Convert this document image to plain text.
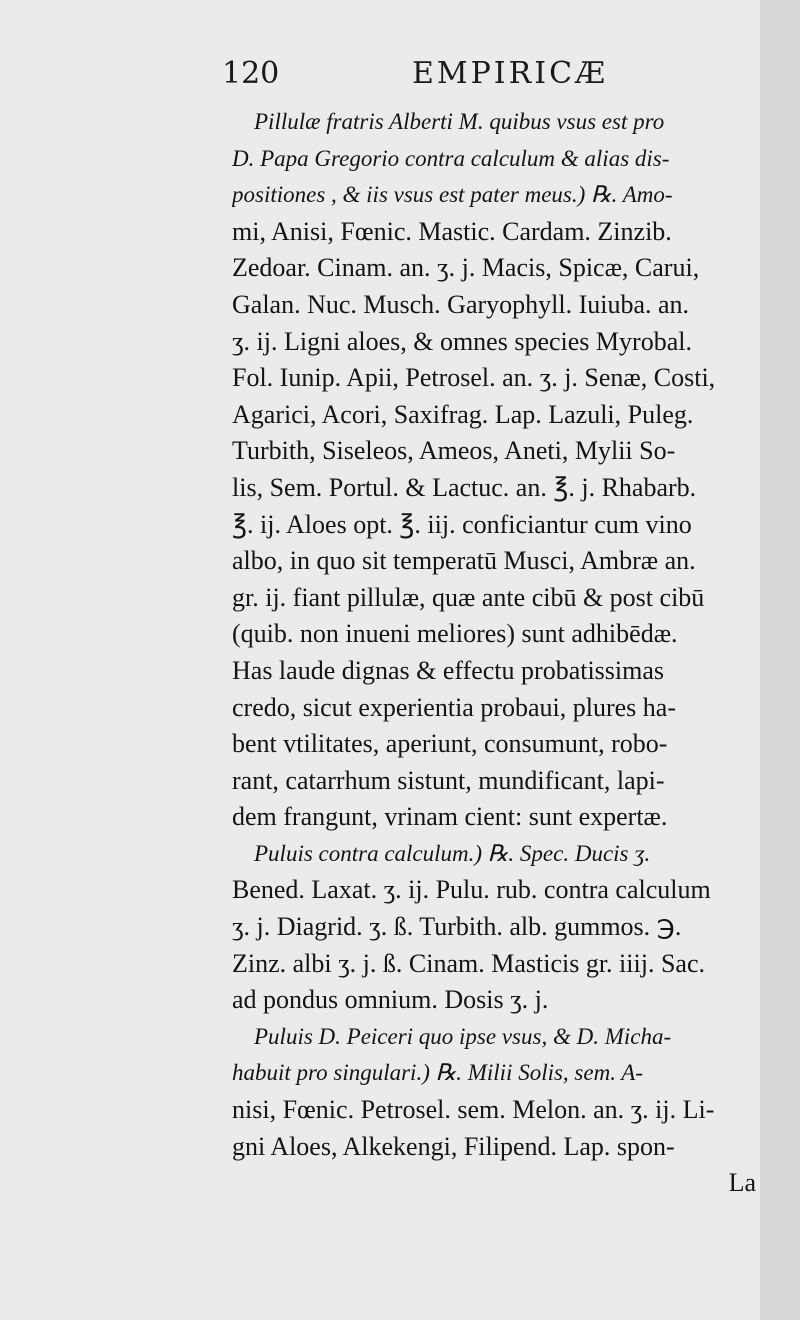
120	EMPIRICÆ
Pillulæ fratris Alberti M. quibus vsus est pro
D. Papa Gregorio contra calculum & alias dis-
positiones , & iis vsus est pater meus.) ℞. Amo-
mi, Anisi, Fœnic. Mastic. Cardam. Zinzib.
Zedoar. Cinam. an. ʒ. j. Macis, Spicæ, Carui,
Galan. Nuc. Musch. Garyophyll. Iuiuba. an.
ʒ. ij. Ligni aloes, & omnes species Myrobal.
Fol. Iunip. Apii, Petrosel. an. ʒ. j. Senæ, Costi,
Agarici, Acori, Saxifrag. Lap. Lazuli, Puleg.
Turbith, Siseleos, Ameos, Aneti, Mylii So-
lis, Sem. Portul. & Lactuc. an. ℥. j. Rhabarb.
℥. ij. Aloes opt. ℥. iij. conficiantur cum vino
albo, in quo sit temperatū Musci, Ambræ an.
gr. ij. fiant pillulæ, quæ ante cibū & post cibū
(quib. non inueni meliores) sunt adhibēdæ.
Has laude dignas & effectu probatissimas
credo, sicut experientia probaui, plures ha-
bent vtilitates, aperiunt, consumunt, robo-
rant, catarrhum sistunt, mundificant, lapi-
dem frangunt, vrinam cient: sunt expertæ.
Puluis contra calculum.) ℞. Spec. Ducis ʒ.
Bened. Laxat. ʒ. ij. Pulu. rub. contra calculum
ʒ. j. Diagrid. ʒ. ß. Turbith. alb. gummos. ℈.
Zinz. albi ʒ. j. ß. Cinam. Masticis gr. iiij. Sac.
ad pondus omnium. Dosis ʒ. j.
Puluis D. Peiceri quo ipse vsus, & D. Micha-
habuit pro singulari.) ℞. Milii Solis, sem. A-
nisi, Fœnic. Petrosel. sem. Melon. an. ʒ. ij. Li-
gni Aloes, Alkekengi, Filipend. Lap. spon-
La
